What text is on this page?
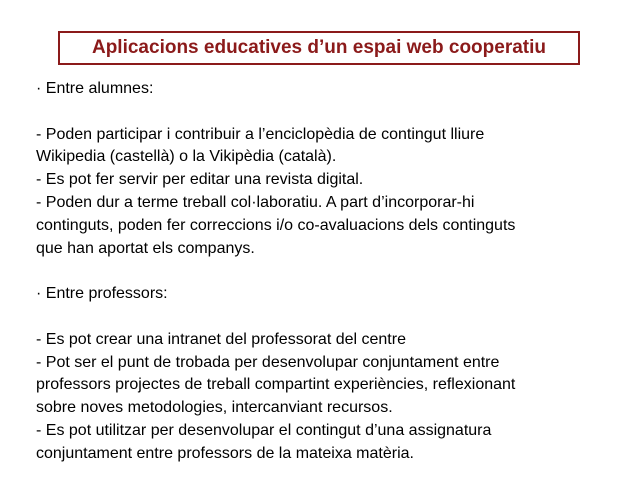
Aplicacions educatives d’un espai web cooperatiu
· Entre alumnes:
- Poden participar i contribuir a l’enciclopèdia de contingut lliure
Wikipedia (castellà) o la Vikipèdia (català).
- Es pot fer servir per editar una revista digital.
- Poden dur a terme treball col·laboratiu. A part d’incorporar-hi
continguts, poden fer correccions i/o co-avaluacions dels continguts
que han aportat els companys.
· Entre professors:
- Es pot crear una intranet del professorat del centre
- Pot ser el punt de trobada per desenvolupar conjuntament entre
professors projectes de treball compartint experiències, reflexionant
sobre noves metodologies, intercanviant recursos.
- Es pot utilitzar per desenvolupar el contingut d’una assignatura
conjuntament entre professors de la mateixa matèria.
